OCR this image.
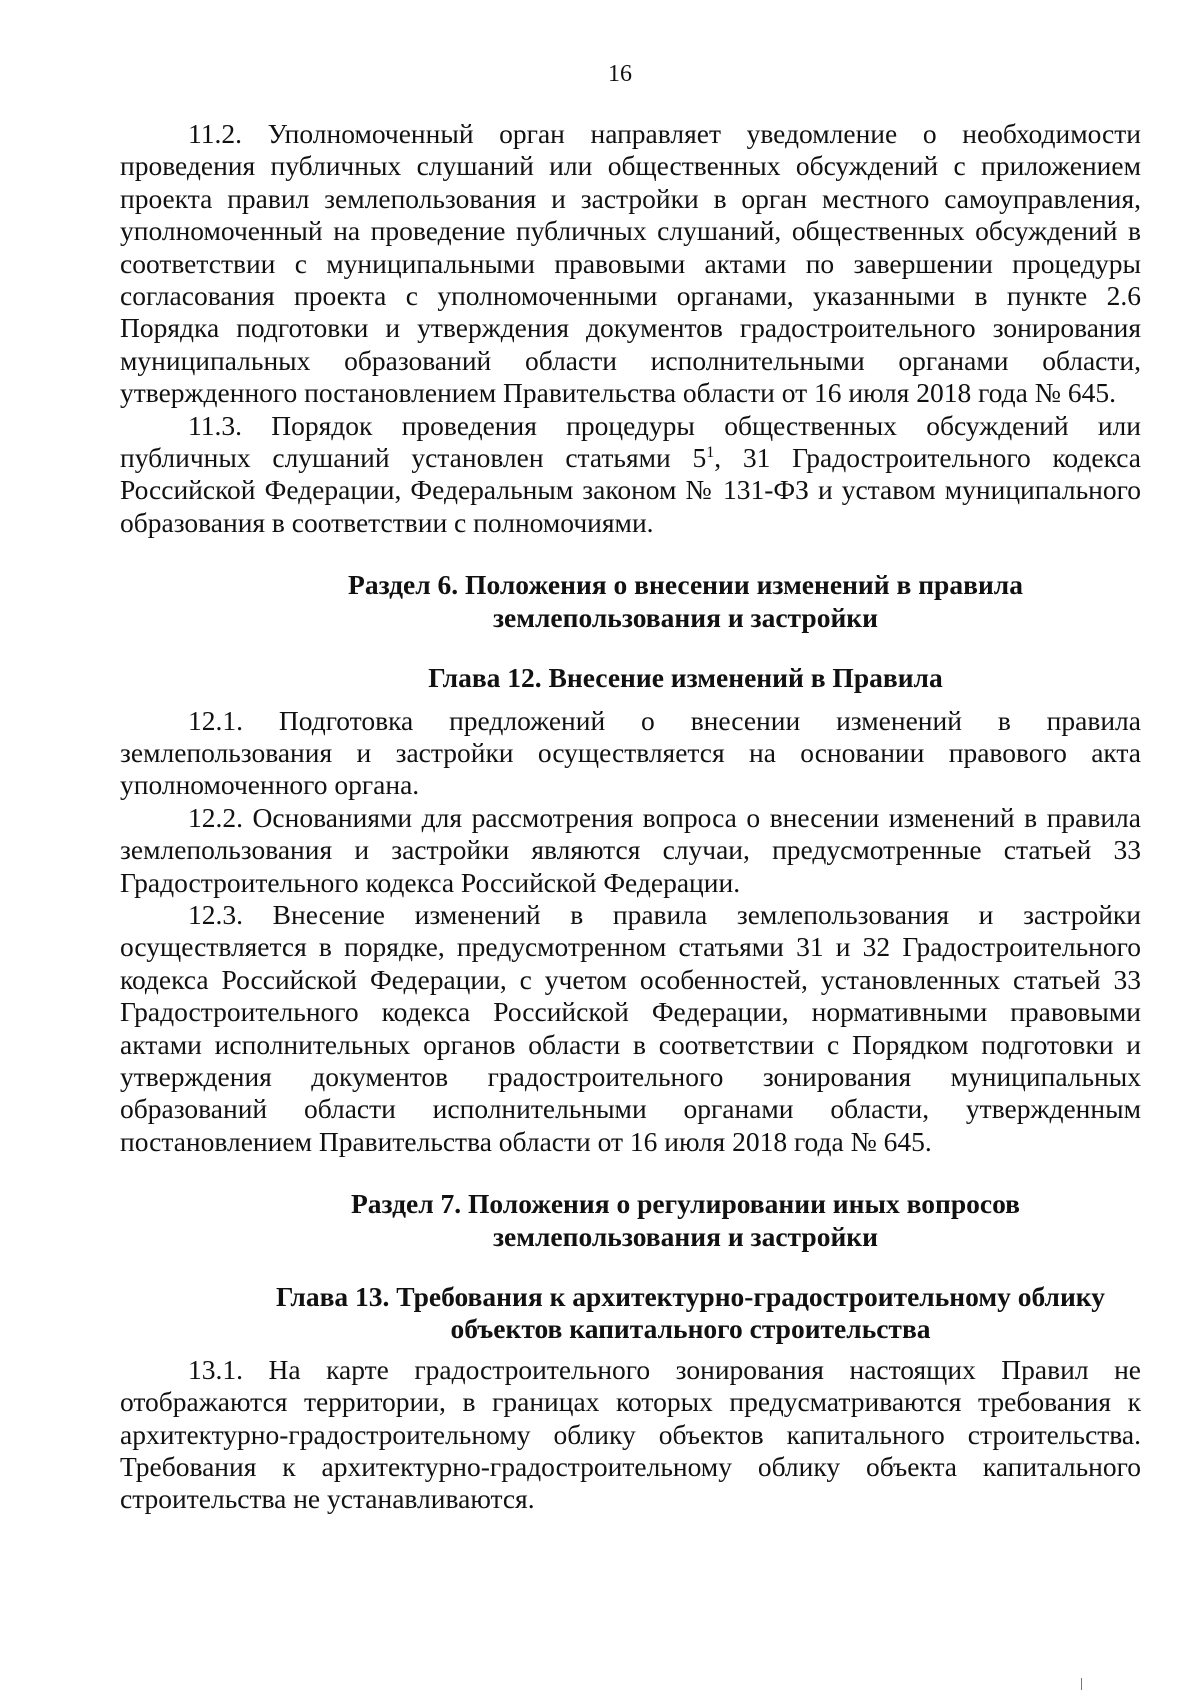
16

11.2. Уполномоченный орган направляет уведомление о необходимости проведения публичных слушаний или общественных обсуждений с приложением проекта правил землепользования и застройки в орган местного самоуправления, уполномоченный на проведение публичных слушаний, общественных обсуждений в соответствии с муниципальными правовыми актами по завершении процедуры согласования проекта с уполномоченными органами, указанными в пункте 2.6 Порядка подготовки и утверждения документов градостроительного зонирования муниципальных образований области исполнительными органами области, утвержденного постановлением Правительства области от 16 июля 2018 года № 645.

11.3. Порядок проведения процедуры общественных обсуждений или публичных слушаний установлен статьями $5^1$, 31 Градостроительного кодекса Российской Федерации, Федеральным законом № 131-ФЗ и уставом муниципального образования в соответствии с полномочиями.

Раздел 6. Положения о внесении изменений в правила
землепользования и застройки
Глава 12. Внесение изменений в Правила

12.1. Подготовка предложений о внесении изменений в правила землепользования и застройки осуществляется на основании правового акта уполномоченного органа.

12.2. Основаниями для рассмотрения вопроса о внесении изменений в правила землепользования и застройки являются случаи, предусмотренные статьей 33 Градостроительного кодекса Российской Федерации.

12.3. Внесение изменений в правила землепользования и застройки осуществляется в порядке, предусмотренном статьями 31 и 32 Градостроительного кодекса Российской Федерации, с учетом особенностей, установленных статьей 33 Градостроительного кодекса Российской Федерации, нормативными правовыми актами исполнительных органов области в соответствии с Порядком подготовки и утверждения документов градостроительного зонирования муниципальных образований области исполнительными органами области, утвержденным постановлением Правительства области от 16 июля 2018 года № 645.

Раздел 7. Положения о регулировании иных вопросов
землепользования и застройки
Глава 13. Требования к архитектурно-градостроительному облику
объектов капитального строительства

13.1. На карте градостроительного зонирования настоящих Правил не отображаются территории, в границах которых предусматриваются требования к архитектурно-градостроительному облику объектов капитального строительства. Требования к архитектурно-градостроительному облику объекта капитального строительства не устанавливаются.
